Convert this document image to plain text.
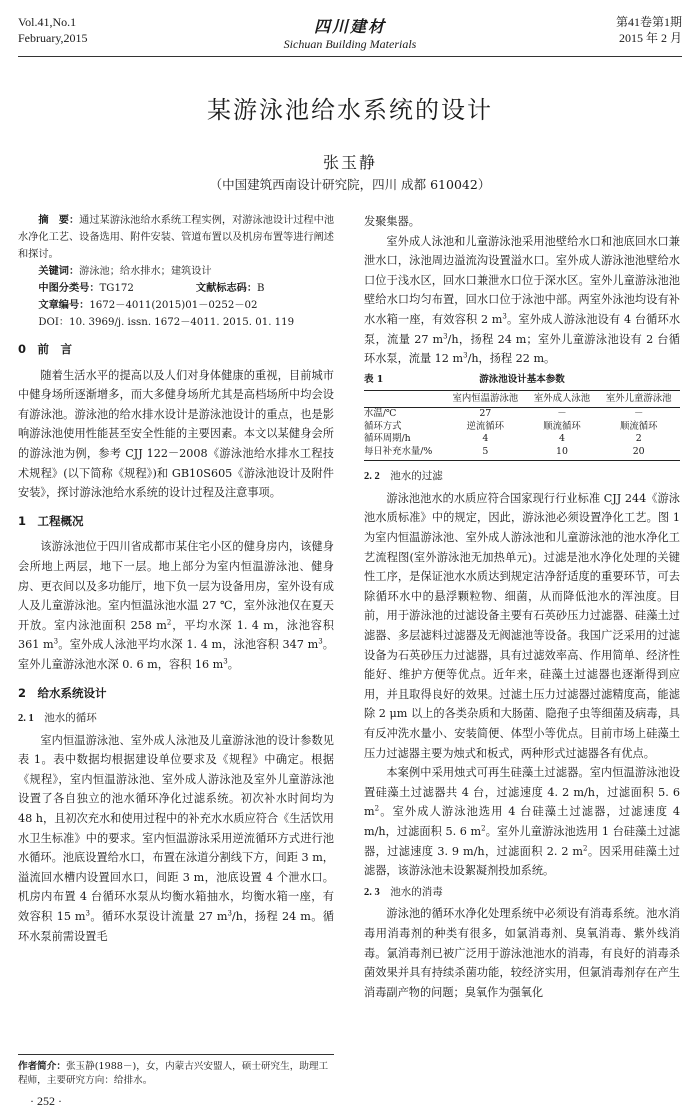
Vol.41,No.1
February,2015
四川建材
Sichuan Building Materials
第41卷第1期
2015 年 2 月
某游泳池给水系统的设计
张玉静
（中国建筑西南设计研究院，四川 成都 610042）

摘　要：通过某游泳池给水系统工程实例，对游泳池设计过程中池水净化工艺、设备选用、附件安装、管道布置以及机房布置等进行阐述和探讨。

关键词：游泳池；给水排水；建筑设计

中图分类号：TG172	文献标志码：B

文章编号：1672－4011(2015)01－0252－02

DOI：10. 3969/j. issn. 1672－4011. 2015. 01. 119

0　前　言

随着生活水平的提高以及人们对身体健康的重视，目前城市中健身场所逐渐增多，而大多健身场所尤其是高档场所中均会设有游泳池。游泳池的给水排水设计是游泳池设计的重点，也是影响游泳池使用性能甚至安全性能的主要因素。本文以某健身会所的游泳池为例，参考 CJJ 122－2008《游泳池给水排水工程技术规程》(以下简称《规程》)和 GB10S605《游泳池设计及附件安装》，探讨游泳池给水系统的设计过程及注意事项。

1　工程概况

该游泳池位于四川省成都市某住宅小区的健身房内，该健身会所地上两层，地下一层。地上部分为室内恒温游泳池、健身房、更衣间以及多功能厅，地下负一层为设备用房，室外设有成人及儿童游泳池。室内恒温泳池水温 27 ℃，室外泳池仅在夏天开放。室内泳池面积 258 $m^2$，平均水深 1. 4 m，泳池容积 361 $m^3$。室外成人泳池平均水深 1. 4 m，泳池容积 347 $m^3$。室外儿童游泳池水深 0. 6 m，容积 16 $m^3$。

2　给水系统设计
2. 1　 池水的循环

室内恒温游泳池、室外成人泳池及儿童游泳池的设计参数见表 1。表中数据均根据建设单位要求及《规程》中确定。根据《规程》，室内恒温游泳池、室外成人游泳池及室外儿童游泳池设置了各自独立的池水循环净化过滤系统。初次补水时间均为 48 h，且初次充水和使用过程中的补充水水质应符合《生活饮用水卫生标准》中的要求。室内恒温游泳采用逆流循环方式进行池水循环。池底设置给水口，布置在泳道分割线下方，间距 3 m，溢流回水槽内设置回水口，间距 3 m，池底设置 4 个泄水口。机房内布置 4 台循环水泵从均衡水箱抽水，均衡水箱一座，有效容积 15 $m^3$。循环水泵设计流量 27 $m^3/h$，扬程 24 m。循环水泵前需设置毛

发聚集器。

室外成人泳池和儿童游泳池采用池壁给水口和池底回水口兼泄水口，泳池周边溢流沟设置溢水口。室外成人游泳池池壁给水口位于浅水区，回水口兼泄水口位于深水区。室外儿童游泳池池壁给水口均匀布置，回水口位于泳池中部。两室外泳池均设有补水水箱一座，有效容积 2 $m^3$。室外成人游泳池设有 4 台循环水泵，流量 27 $m^3/h$，扬程 24 m；室外儿童游泳池设有 2 台循环水泵，流量 12 $m^3/h$，扬程 22 m。

表 1	游泳池设计基本参数
	室内恒温游泳池	室外成人泳池	室外儿童游泳池
水温/℃	27	－	－
循环方式	逆流循环	顺流循环	顺流循环
循环周期/h	4	4	2
每日补充水量/%	5	10	20
2. 2　 池水的过滤

游泳池池水的水质应符合国家现行行业标准 CJJ 244《游泳池水质标准》中的规定，因此，游泳池必须设置净化工艺。图 1 为室内恒温游泳池、室外成人游泳池和儿童游泳池的池水净化工艺流程图(室外游泳池无加热单元)。过滤是池水净化处理的关键性工序，是保证池水水质达到规定洁净舒适度的重要环节，可去除循环水中的悬浮颗粒物、细菌，从而降低池水的浑浊度。目前，用于游泳池的过滤设备主要有石英砂压力过滤器、硅藻土过滤器、多层滤料过滤器及无阀滤池等设备。我国广泛采用的过滤设备为石英砂压力过滤器，具有过滤效率高、作用简单、经济性能好、维护方便等优点。近年来，硅藻土过滤器也逐渐得到应用，并且取得良好的效果。过滤土压力过滤器过滤精度高，能滤除 2 μm 以上的各类杂质和大肠菌、隐孢子虫等细菌及病毒，具有反冲洗水量小、安装简便、体型小等优点。目前市场上硅藻土压力过滤器主要为烛式和板式，两种形式过滤器各有优点。

本案例中采用烛式可再生硅藻土过滤器。室内恒温游泳池设置硅藻土过滤器共 4 台，过滤速度 4. 2 m/h，过滤面积 5. 6 $m^2$。室外成人游泳池选用 4 台硅藻土过滤器，过滤速度 4 m/h，过滤面积 5. 6 $m^2$。室外儿童游泳池选用 1 台硅藻土过滤器，过滤速度 3. 9 m/h，过滤面积 2. 2 $m^2$。因采用硅藻土过滤器，该游泳池未设絮凝剂投加系统。

2. 3　 池水的消毒

游泳池的循环水净化处理系统中必须设有消毒系统。池水消毒用消毒剂的种类有很多，如氯消毒剂、臭氧消毒、紫外线消毒。氯消毒剂已被广泛用于游泳池池水的消毒，有良好的消毒杀菌效果并具有持续杀菌功能，较经济实用，但氯消毒剂存在产生消毒副产物的问题；臭氧作为强氧化

作者简介：张玉静(1988－)，女，内蒙古兴安盟人，硕士研究生，助理工程师，主要研究方向：给排水。
· 252 ·
